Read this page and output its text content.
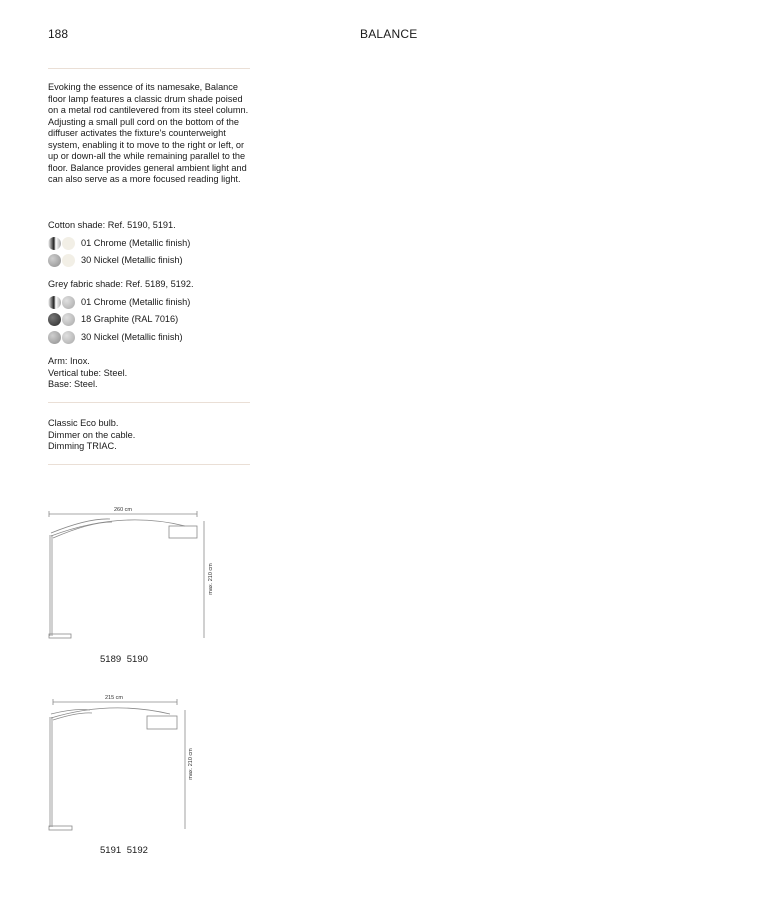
188	BALANCE
Evoking the essence of its namesake, Balance floor lamp features a classic drum shade poised on a metal rod cantilevered from its steel column. Adjusting a small pull cord on the bottom of the diffuser activates the fixture's counterweight system, enabling it to move to the right or left, or up or down-all the while remaining parallel to the floor. Balance provides general ambient light and can also serve as a more focused reading light.
Cotton shade: Ref. 5190, 5191.
01 Chrome (Metallic finish)
30 Nickel (Metallic finish)
Grey fabric shade: Ref. 5189, 5192.
01 Chrome (Metallic finish)
18 Graphite (RAL 7016)
30 Nickel (Metallic finish)
Arm: Inox.
Vertical tube: Steel.
Base: Steel.
Classic Eco bulb.
Dimmer on the cable.
Dimming TRIAC.
260 cm
max. 210 cm
5189 5190
215 cm
max. 210 cm
5191 5192
